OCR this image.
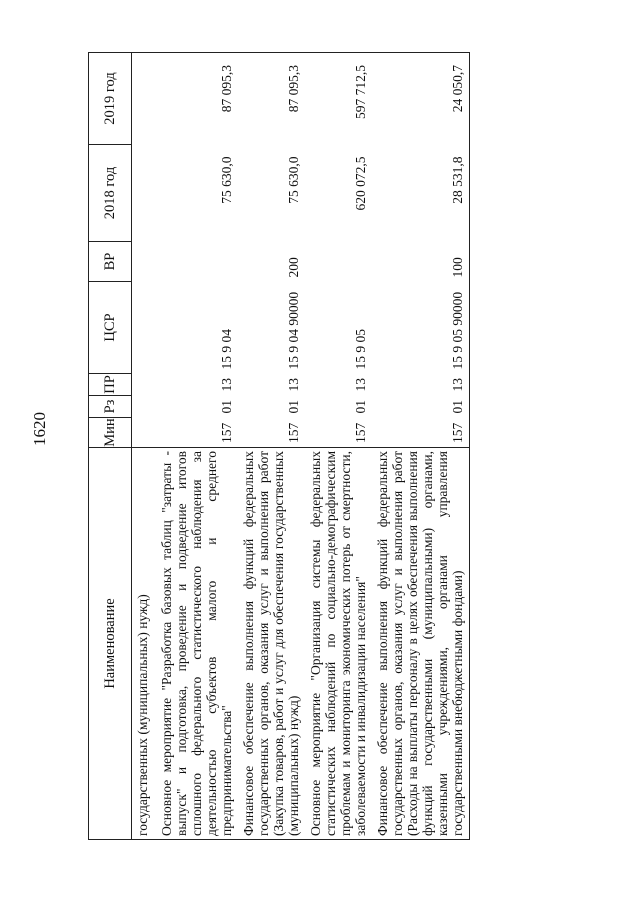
1620
Наименование	Мин	Рз	ПР	ЦСР	ВР	2018 год	2019 год
государственных (муниципальных) нужд)							
Основное мероприятие "Разработка базовых таблиц "затраты - выпуск" и подготовка, проведение и подведение итогов сплошного федерального статистического наблюдения за деятельностью субъектов малого и среднего предпринимательства"	157	01	13	15 9 04		75 630,0	87 095,3
Финансовое обеспечение выполнения функций федеральных государственных органов, оказания услуг и выполнения работ (Закупка товаров, работ и услуг для обеспечения государственных (муниципальных) нужд)	157	01	13	15 9 04 90000	200	75 630,0	87 095,3
Основное мероприятие "Организация системы федеральных статистических наблюдений по социально-демографическим проблемам и мониторинга экономических потерь от смертности, заболеваемости и инвалидизации населения"	157	01	13	15 9 05		620 072,5	597 712,5
Финансовое обеспечение выполнения функций федеральных государственных органов, оказания услуг и выполнения работ (Расходы на выплаты персоналу в целях обеспечения выполнения функций государственными (муниципальными) органами, казенными учреждениями, органами управления государственными внебюджетными фондами)	157	01	13	15 9 05 90000	100	28 531,8	24 050,7
